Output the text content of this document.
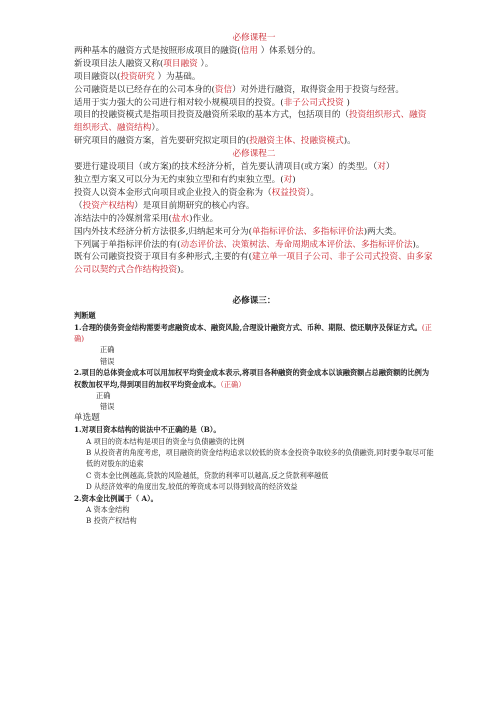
必修课程一

两种基本的融资方式是按照形成项目的融资(信用 ）体系划分的。

新设项目法人融资又称(项目融资 ）。

项目融资以(投资研究 ）为基础。

公司融资是以已经存在的公司本身的(资信）对外进行融资，取得资金用于投资与经营。

适用于实力强大的公司进行相对较小规模项目的投资。(非子公司式投资 )

项目的投融资模式是指项目投资及融资所采取的基本方式，包括项目的（投资组织形式、融资组织形式、融资结构）。

研究项目的融资方案，首先要研究拟定项目的(投融资主体、投融资模式)。

必修课程二

要进行建设项目（或方案)的技术经济分析，首先要认清项目(或方案）的类型。（对）

独立型方案又可以分为无约束独立型和有约束独立型。(对)

投资人以资本金形式向项目或企业投入的资金称为（权益投资）。

（投资产权结构）是项目前期研究的核心内容。

冻结法中的冷媒剂常采用(盐水)作业。

国内外技术经济分析方法很多,归纳起来可分为(单指标评价法、多指标评价法)两大类。

下列属于单指标评价法的有(动态评价法、决策树法、寿命周期成本评价法、多指标评价法)。

既有公司融资投资于项目有多种形式,主要的有(建立单一项目子公司、非子公司式投资、由多家公司以契约式合作结构投资)。

必修课三：
判断题
1.合理的债务资金结构需要考虑融资成本、融资风险,合理设计融资方式、币种、期限、偿还顺序及保证方式。(正确)
正确
错误
2.项目的总体资金成本可以用加权平均资金成本表示,将项目各种融资的资金成本以该融资额占总融资额的比例为权数加权平均,得到项目的加权平均资金成本。（正确）
正确
错误
单选题
1.对项目资本结构的说法中不正确的是（B）。
A 项目的资本结构是项目的资金与负债融资的比例
B 从投资者的角度考虑，项目融资的资金结构追求以较低的资本金投资争取较多的负债融资,同时要争取尽可能低的对股东的追索
C 资本金比例越高,贷款的风险越低，贷款的利率可以越高,反之贷款利率越低
D 从经济效率的角度出发,较低的筹资成本可以得到较高的经济效益
2.资本金比例属于（ A）。
A 资本金结构
B 投资产权结构
